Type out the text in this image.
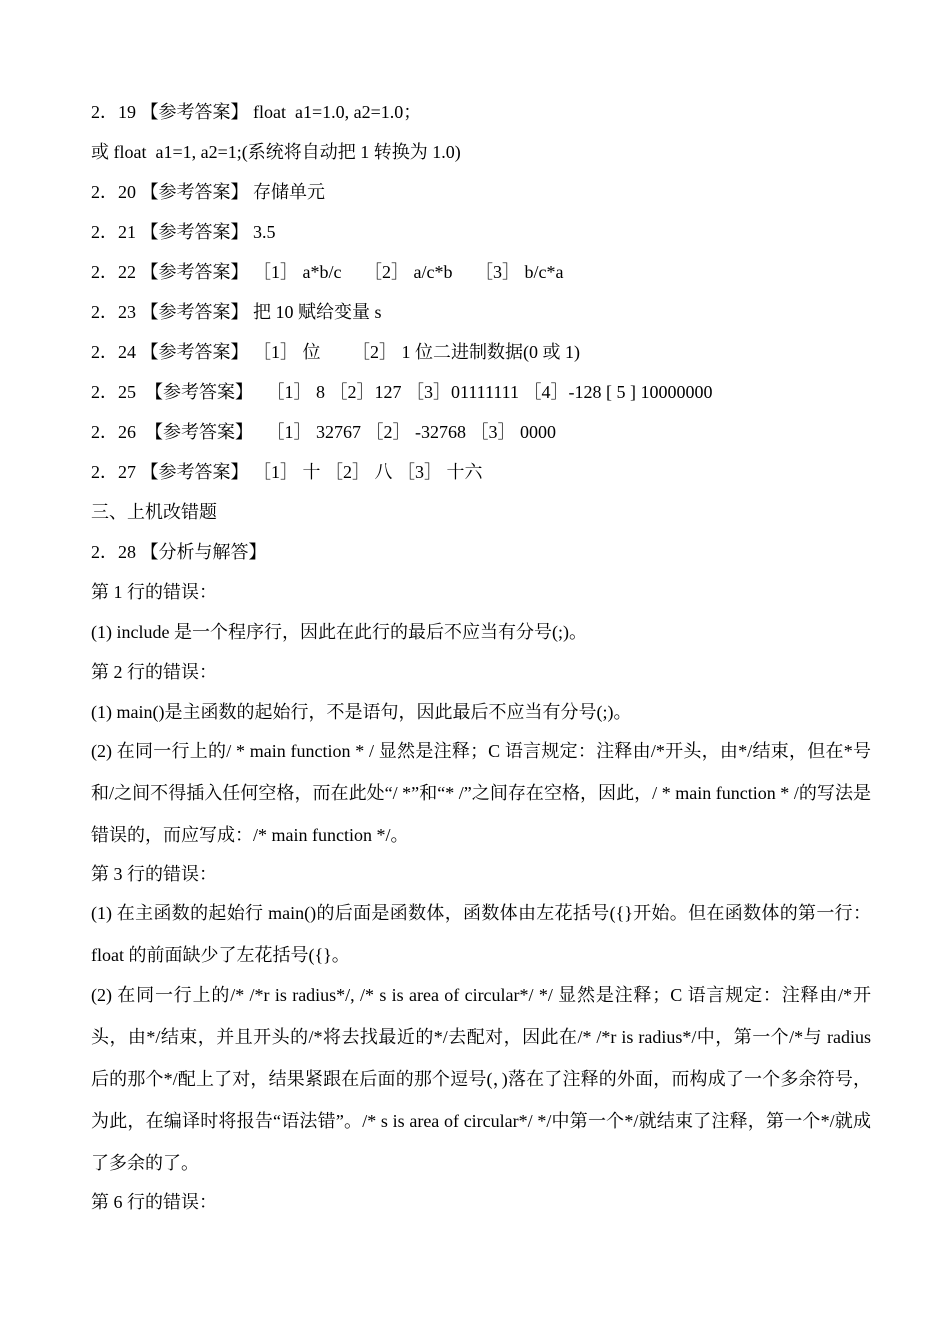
2．19 【参考答案】 float  a1=1.0, a2=1.0；
或 float  a1=1, a2=1;(系统将自动把 1 转换为 1.0)
2．20 【参考答案】 存储单元
2．21 【参考答案】 3.5
2．22 【参考答案】 ［1］ a*b/c     ［2］ a/c*b     ［3］ b/c*a
2．23 【参考答案】 把 10 赋给变量 s
2．24 【参考答案】 ［1］ 位       ［2］ 1 位二进制数据(0 或 1)
2．25  【参考答案】   ［1］ 8 ［2］127 ［3］01111111 ［4］-128 [ 5 ] 10000000
2．26  【参考答案】   ［1］ 32767 ［2］ -32768 ［3］ 0000
2．27 【参考答案】 ［1］ 十 ［2］ 八 ［3］ 十六
三、上机改错题
2．28 【分析与解答】
第 1 行的错误：
(1) include 是一个程序行，因此在此行的最后不应当有分号(;)。
第 2 行的错误：
(1) main()是主函数的起始行，不是语句，因此最后不应当有分号(;)。
(2) 在同一行上的/ * main function * / 显然是注释；C 语言规定：注释由/*开头，由*/结束，但在*号和/之间不得插入任何空格，而在此处“/ *”和“* /”之间存在空格，因此，/ * main function * /的写法是错误的，而应写成：/* main function */。
第 3 行的错误：
(1) 在主函数的起始行 main()的后面是函数体，函数体由左花括号({}开始。但在函数体的第一行：float 的前面缺少了左花括号({}。
(2) 在同一行上的/* /*r is radius*/, /* s is area of circular*/ */ 显然是注释；C 语言规定：注释由/*开头，由*/结束，并且开头的/*将去找最近的*/去配对，因此在/* /*r is radius*/中，第一个/*与 radius 后的那个*/配上了对，结果紧跟在后面的那个逗号(，)落在了注释的外面，而构成了一个多余符号，为此，在编译时将报告“语法错”。/* s is area of circular*/ */中第一个*/就结束了注释，第一个*/就成了多余的了。
第 6 行的错误：
